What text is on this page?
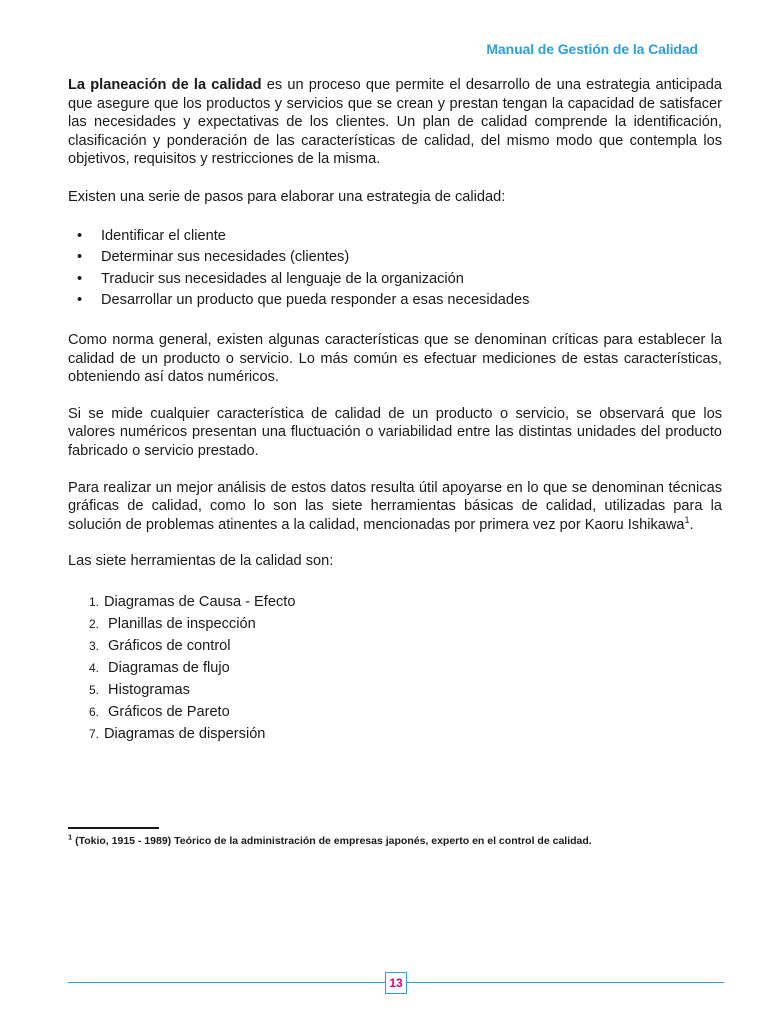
Manual de Gestión de la Calidad

La planeación de la calidad es un proceso que permite el desarrollo de una estrategia anticipada que asegure que los productos y servicios que se crean y prestan tengan la capacidad de satisfacer las necesidades y expectativas de los clientes. Un plan de calidad comprende la identificación, clasificación y ponderación de las características de calidad, del mismo modo que contempla los objetivos, requisitos y restricciones de la misma.

Existen una serie de pasos para elaborar una estrategia de calidad:

• Identificar el cliente
• Determinar sus necesidades (clientes)
• Traducir sus necesidades al lenguaje de la organización
• Desarrollar un producto que pueda responder a esas necesidades

Como norma general, existen algunas características que se denominan críticas para establecer la calidad de un producto o servicio. Lo más común es efectuar mediciones de estas características, obteniendo así datos numéricos.

Si se mide cualquier característica de calidad de un producto o servicio, se observará que los valores numéricos presentan una fluctuación o variabilidad entre las distintas unidades del producto fabricado o servicio prestado.

Para realizar un mejor análisis de estos datos resulta útil apoyarse en lo que se denominan técnicas gráficas de calidad, como lo son las siete herramientas básicas de calidad, utilizadas para la solución de problemas atinentes a la calidad, mencionadas por primera vez por Kaoru Ishikawa$^1$.

Las siete herramientas de la calidad son:

1. Diagramas de Causa - Efecto
2. Planillas de inspección
3. Gráficos de control
4. Diagramas de flujo
5. Histogramas
6. Gráficos de Pareto
7. Diagramas de dispersión
$^1$ (Tokio, 1915 - 1989) Teórico de la administración de empresas japonés, experto en el control de calidad.
13
